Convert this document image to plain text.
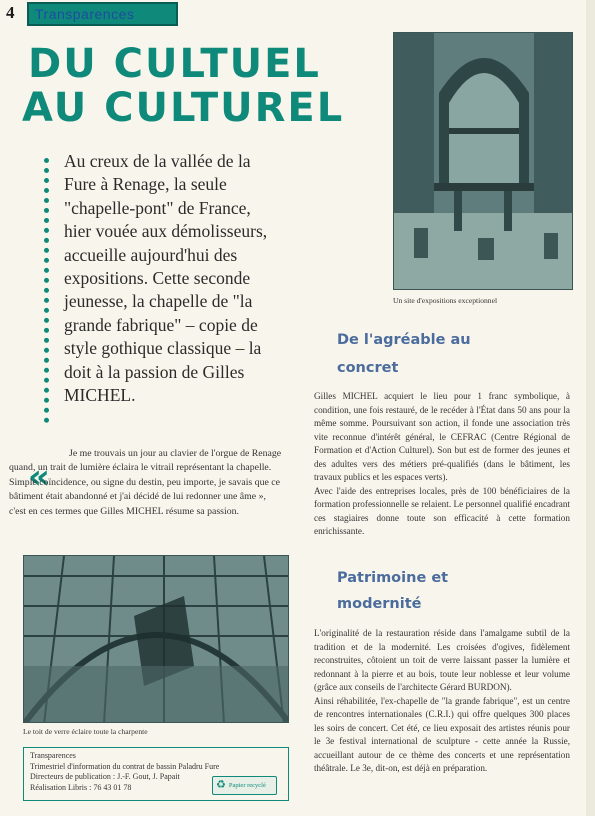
4 Transparences
DU CULTUEL
AU CULTUREL
Au creux de la vallée de la Fure à Renage, la seule "chapelle-pont" de France, hier vouée aux démolisseurs, accueille aujourd'hui des expositions. Cette seconde jeunesse, la chapelle de "la grande fabrique" – copie de style gothique classique – la doit à la passion de Gilles MICHEL.
«
Je me trouvais un jour au clavier de l'orgue de Renage quand, un trait de lumière éclaira le vitrail représentant la chapelle. Simple coïncidence, ou signe du destin, peu importe, je savais que ce bâtiment était abandonné et j'ai décidé de lui redonner une âme », c'est en ces termes que Gilles MICHEL résume sa passion.
Un site d'expositions exceptionnel
De l'agréable au
concret

Gilles MICHEL acquiert le lieu pour 1 franc symbolique, à condition, une fois restauré, de le recéder à l'État dans 50 ans pour la même somme. Poursuivant son action, il fonde une association très vite reconnue d'intérêt général, le CEFRAC (Centre Régional de Formation et d'Action Culturel). Son but est de former des jeunes et des adultes vers des métiers pré-qualifiés (dans le bâtiment, les travaux publics et les espaces verts).

Avec l'aide des entreprises locales, près de 100 bénéficiaires de la formation professionnelle se relaient. Le personnel qualifié encadrant ces stagiaires donne toute son efficacité à cette formation enrichissante.

Patrimoine et
modernité

L'originalité de la restauration réside dans l'amalgame subtil de la tradition et de la modernité. Les croisées d'ogives, fidèlement reconstruites, côtoient un toit de verre laissant passer la lumière et redonnant à la pierre et au bois, toute leur noblesse et leur volume (grâce aux conseils de l'architecte Gérard BURDON).

Ainsi réhabilitée, l'ex-chapelle de "la grande fabrique", est un centre de rencontres internationales (C.R.I.) qui offre quelques 300 places les soirs de concert. Cet été, ce lieu exposait des artistes réunis pour le 3e festival international de sculpture - cette année la Russie, accueillant autour de ce thème des concerts et une représentation théâtrale. Le 3e, dit-on, est déjà en préparation.

Le toit de verre éclaire toute la charpente
Transparences
Trimestriel d'information du contrat de bassin Paladru Fure
Directeurs de publication : J.-F. Gout, J. Papait
Réalisation Libris : 76 43 01 78	♻ Papier recyclé
